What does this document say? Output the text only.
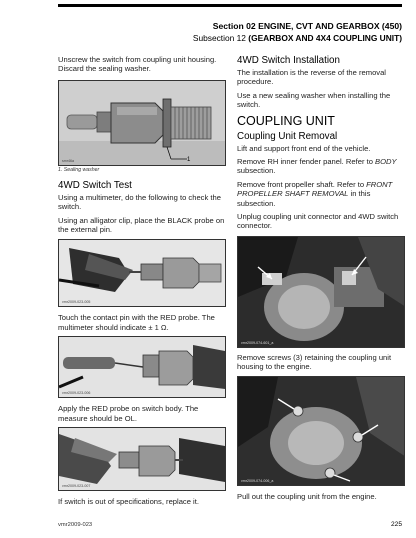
Section 02 ENGINE, CVT AND GEARBOX (450)
Subsection 12 (GEARBOX AND 4X4 COUPLING UNIT)

Unscrew the switch from coupling unit housing.

Discard the sealing washer.

1
smr46a
1. Sealing washer
4WD Switch Test

Using a multimeter, do the following to check the switch.

Using an alligator clip, place the BLACK probe on the external pin.

vmr2009-023-005

Touch the contact pin with the RED probe. The multimeter should indicate ± 1 Ω.

vmr2009-023-006

Apply the RED probe on switch body. The measure should be OL.

vmr2009-023-007

If switch is out of specifications, replace it.

4WD Switch Installation

The installation is the reverse of the removal procedure.

Use a new sealing washer when installing the switch.

COUPLING UNIT
Coupling Unit Removal

Lift and support front end of the vehicle.

Remove RH inner fender panel. Refer to BODY subsection.

Remove front propeller shaft. Refer to FRONT PROPELLER SHAFT REMOVAL in this subsection.

Unplug coupling unit connector and 4WD switch connector.

vmr2009-074-601_a

Remove screws (3) retaining the coupling unit housing to the engine.

vmr2009-074-006_a

Pull out the coupling unit from the engine.

vmr2009-023	225
